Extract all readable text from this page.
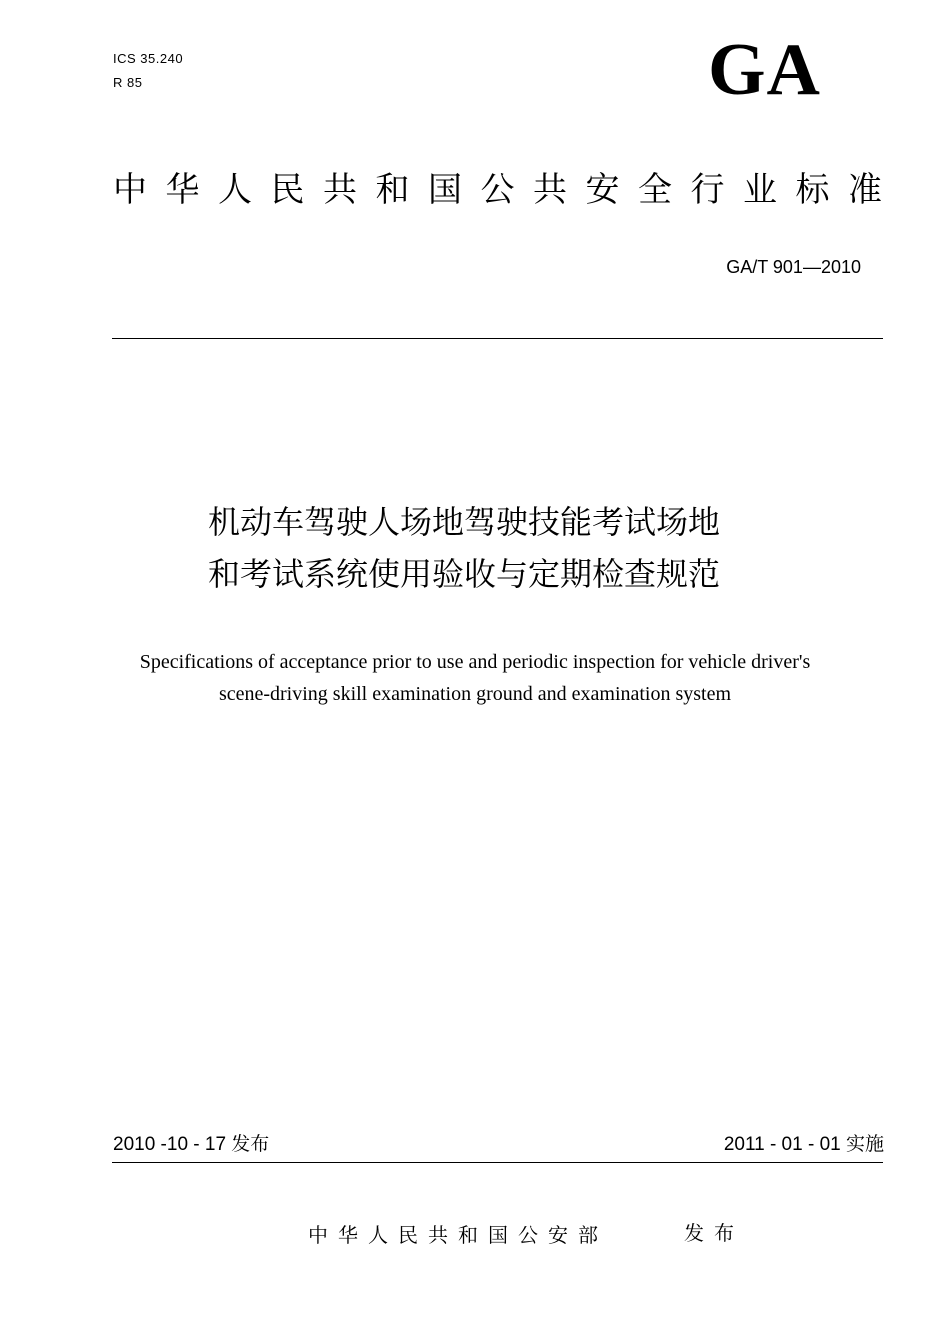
ICS 35.240
R 85	GA
中华人民共和国公共安全行业标准
GA/T 901—2010
机动车驾驶人场地驾驶技能考试场地
和考试系统使用验收与定期检查规范
Specifications of acceptance prior to use and periodic inspection for vehicle driver's
scene-driving skill examination ground and examination system
2010 -10 - 17 发布	2011 - 01 - 01 实施
中华人民共和国公安部	发布
